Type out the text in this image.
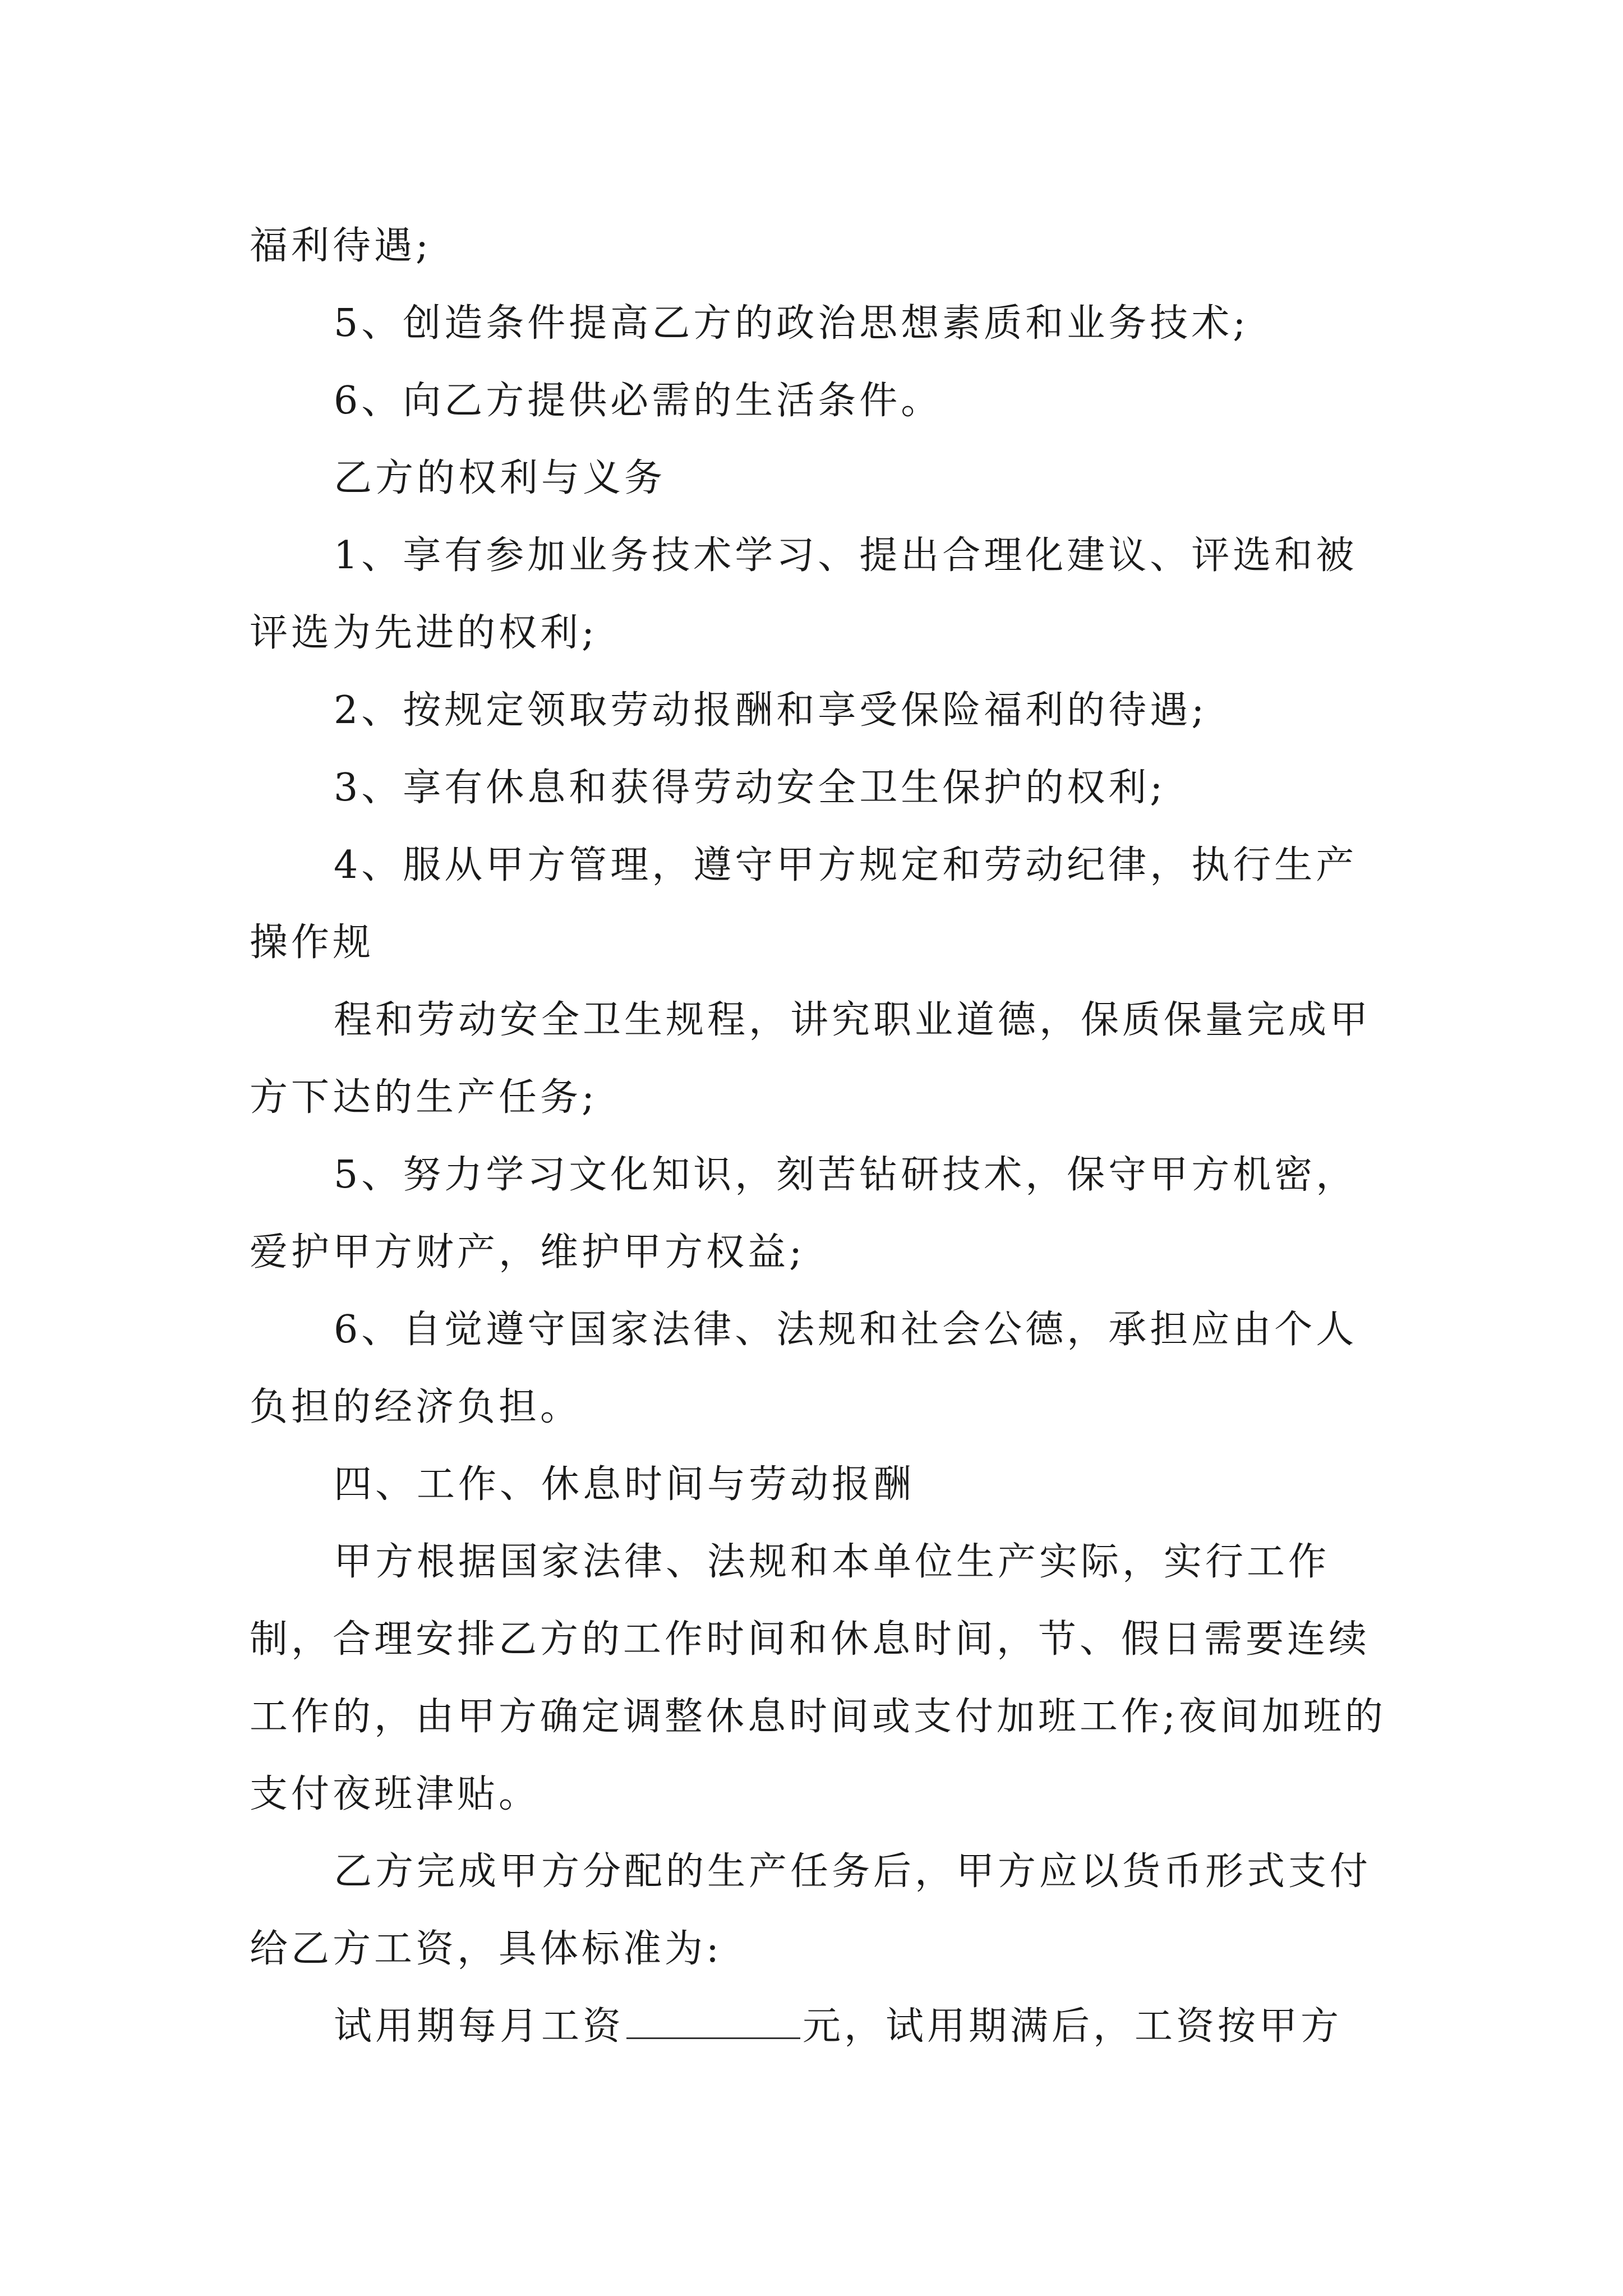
福利待遇;

5、创造条件提高乙方的政治思想素质和业务技术;

6、向乙方提供必需的生活条件。

乙方的权利与义务

1、享有参加业务技术学习、提出合理化建议、评选和被评选为先进的权利;

2、按规定领取劳动报酬和享受保险福利的待遇;

3、享有休息和获得劳动安全卫生保护的权利;

4、服从甲方管理，遵守甲方规定和劳动纪律，执行生产操作规

程和劳动安全卫生规程，讲究职业道德，保质保量完成甲方下达的生产任务;

5、努力学习文化知识，刻苦钻研技术，保守甲方机密，爱护甲方财产，维护甲方权益;

6、自觉遵守国家法律、法规和社会公德，承担应由个人负担的经济负担。

四、工作、休息时间与劳动报酬

甲方根据国家法律、法规和本单位生产实际，实行工作制，合理安排乙方的工作时间和休息时间，节、假日需要连续工作的，由甲方确定调整休息时间或支付加班工作;夜间加班的支付夜班津贴。

乙方完成甲方分配的生产任务后，甲方应以货币形式支付给乙方工资，具体标准为:

试用期每月工资	元，试用期满后，工资按甲方
